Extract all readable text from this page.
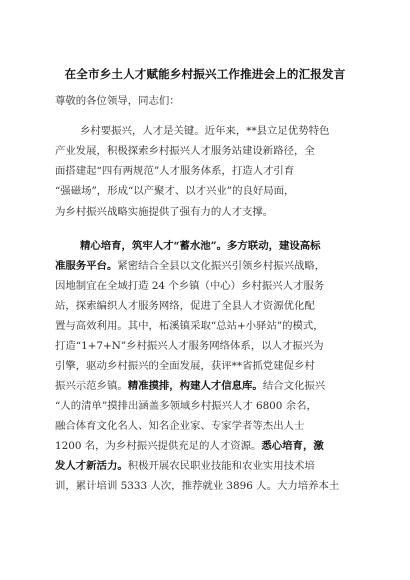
在全市乡土人才赋能乡村振兴工作推进会上的汇报发言
尊敬的各位领导，同志们：
乡村要振兴，人才是关键。近年来，**县立足优势特色
产业发展，积极探索乡村振兴人才服务站建设新路径，全
面搭建起“四有两规范”人才服务体系，打造人才引育
“强磁场”，形成“以产聚才、以才兴业”的良好局面，
为乡村振兴战略实施提供了强有力的人才支撑。
精心培育，筑牢人才“蓄水池”。多方联动，建设高标
准服务平台。紧密结合全县以文化振兴引领乡村振兴战略，
因地制宜在全域打造 24 个乡镇（中心）乡村振兴人才服务
站，探索编织人才服务网络，促进了全县人才资源优化配
置与高效利用。其中，柘溪镇采取“总站+小驿站”的模式，
打造“1+7+N”乡村振兴人才服务网络体系，以人才振兴为
引擎，驱动乡村振兴的全面发展，获评**省抓党建促乡村
振兴示范乡镇。精准摸排，构建人才信息库。结合文化振兴
“人的清单”摸排出涵盖多领域乡村振兴人才 6800 余名，
融合体育文化名人、知名企业家、专家学者等杰出人士
1200 名，为乡村振兴提供充足的人才资源。悉心培育，激
发人才新活力。积极开展农民职业技能和农业实用技术培
训，累计培训 5333 人次，推荐就业 3896 人。大力培养本土
